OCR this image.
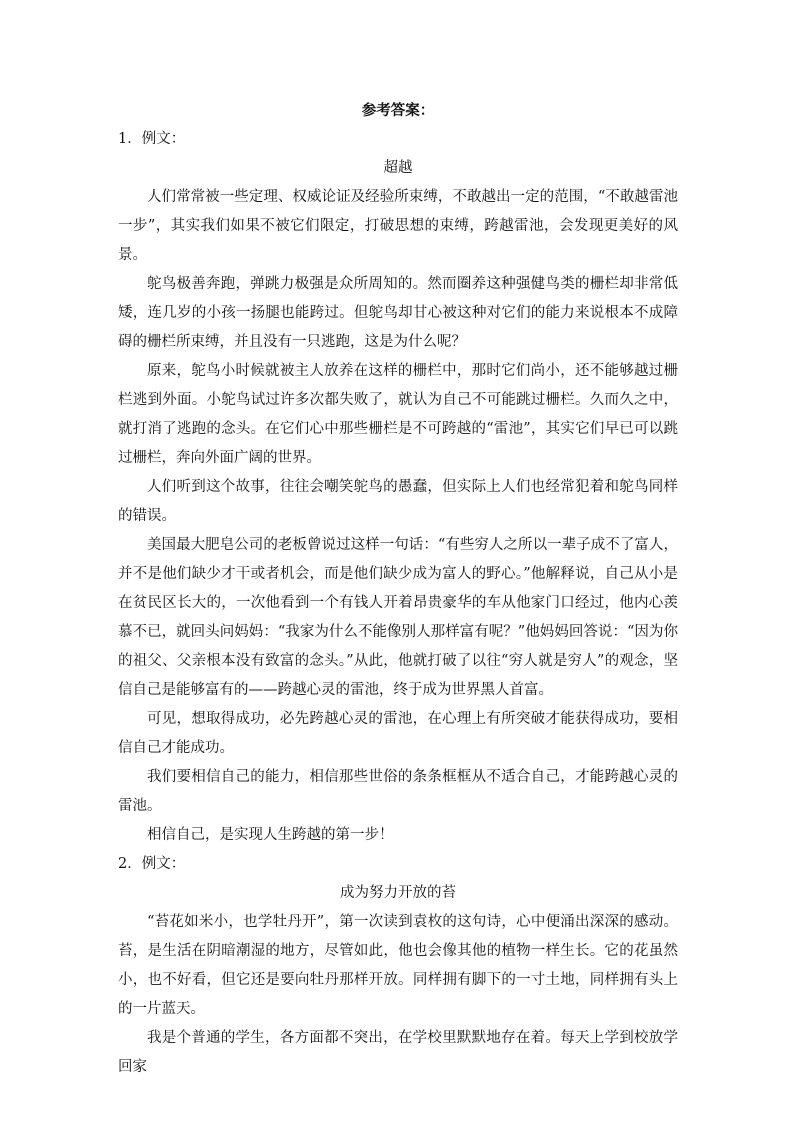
参考答案：

1．例文：

超越

人们常常被一些定理、权威论证及经验所束缚，不敢越出一定的范围，“不敢越雷池一步”，其实我们如果不被它们限定，打破思想的束缚，跨越雷池，会发现更美好的风景。

鸵鸟极善奔跑，弹跳力极强是众所周知的。然而圈养这种强健鸟类的栅栏却非常低矮，连几岁的小孩一扬腿也能跨过。但鸵鸟却甘心被这种对它们的能力来说根本不成障碍的栅栏所束缚，并且没有一只逃跑，这是为什么呢？

原来，鸵鸟小时候就被主人放养在这样的栅栏中，那时它们尚小，还不能够越过栅栏逃到外面。小鸵鸟试过许多次都失败了，就认为自己不可能跳过栅栏。久而久之中，就打消了逃跑的念头。在它们心中那些栅栏是不可跨越的“雷池”，其实它们早已可以跳过栅栏，奔向外面广阔的世界。

人们听到这个故事，往往会嘲笑鸵鸟的愚蠢，但实际上人们也经常犯着和鸵鸟同样的错误。

美国最大肥皂公司的老板曾说过这样一句话：“有些穷人之所以一辈子成不了富人，并不是他们缺少才干或者机会，而是他们缺少成为富人的野心。”他解释说，自己从小是在贫民区长大的，一次他看到一个有钱人开着昂贵豪华的车从他家门口经过，他内心羡慕不已，就回头问妈妈：“我家为什么不能像别人那样富有呢？”他妈妈回答说：“因为你的祖父、父亲根本没有致富的念头。”从此，他就打破了以往“穷人就是穷人”的观念，坚信自己是能够富有的——跨越心灵的雷池，终于成为世界黑人首富。

可见，想取得成功，必先跨越心灵的雷池，在心理上有所突破才能获得成功，要相信自己才能成功。

我们要相信自己的能力，相信那些世俗的条条框框从不适合自己，才能跨越心灵的雷池。

相信自己，是实现人生跨越的第一步！

2．例文：

成为努力开放的苔

“苔花如米小，也学牡丹开”，第一次读到袁枚的这句诗，心中便涌出深深的感动。苔，是生活在阴暗潮湿的地方，尽管如此，他也会像其他的植物一样生长。它的花虽然小，也不好看，但它还是要向牡丹那样开放。同样拥有脚下的一寸土地，同样拥有头上的一片蓝天。

我是个普通的学生，各方面都不突出，在学校里默默地存在着。每天上学到校放学回家
